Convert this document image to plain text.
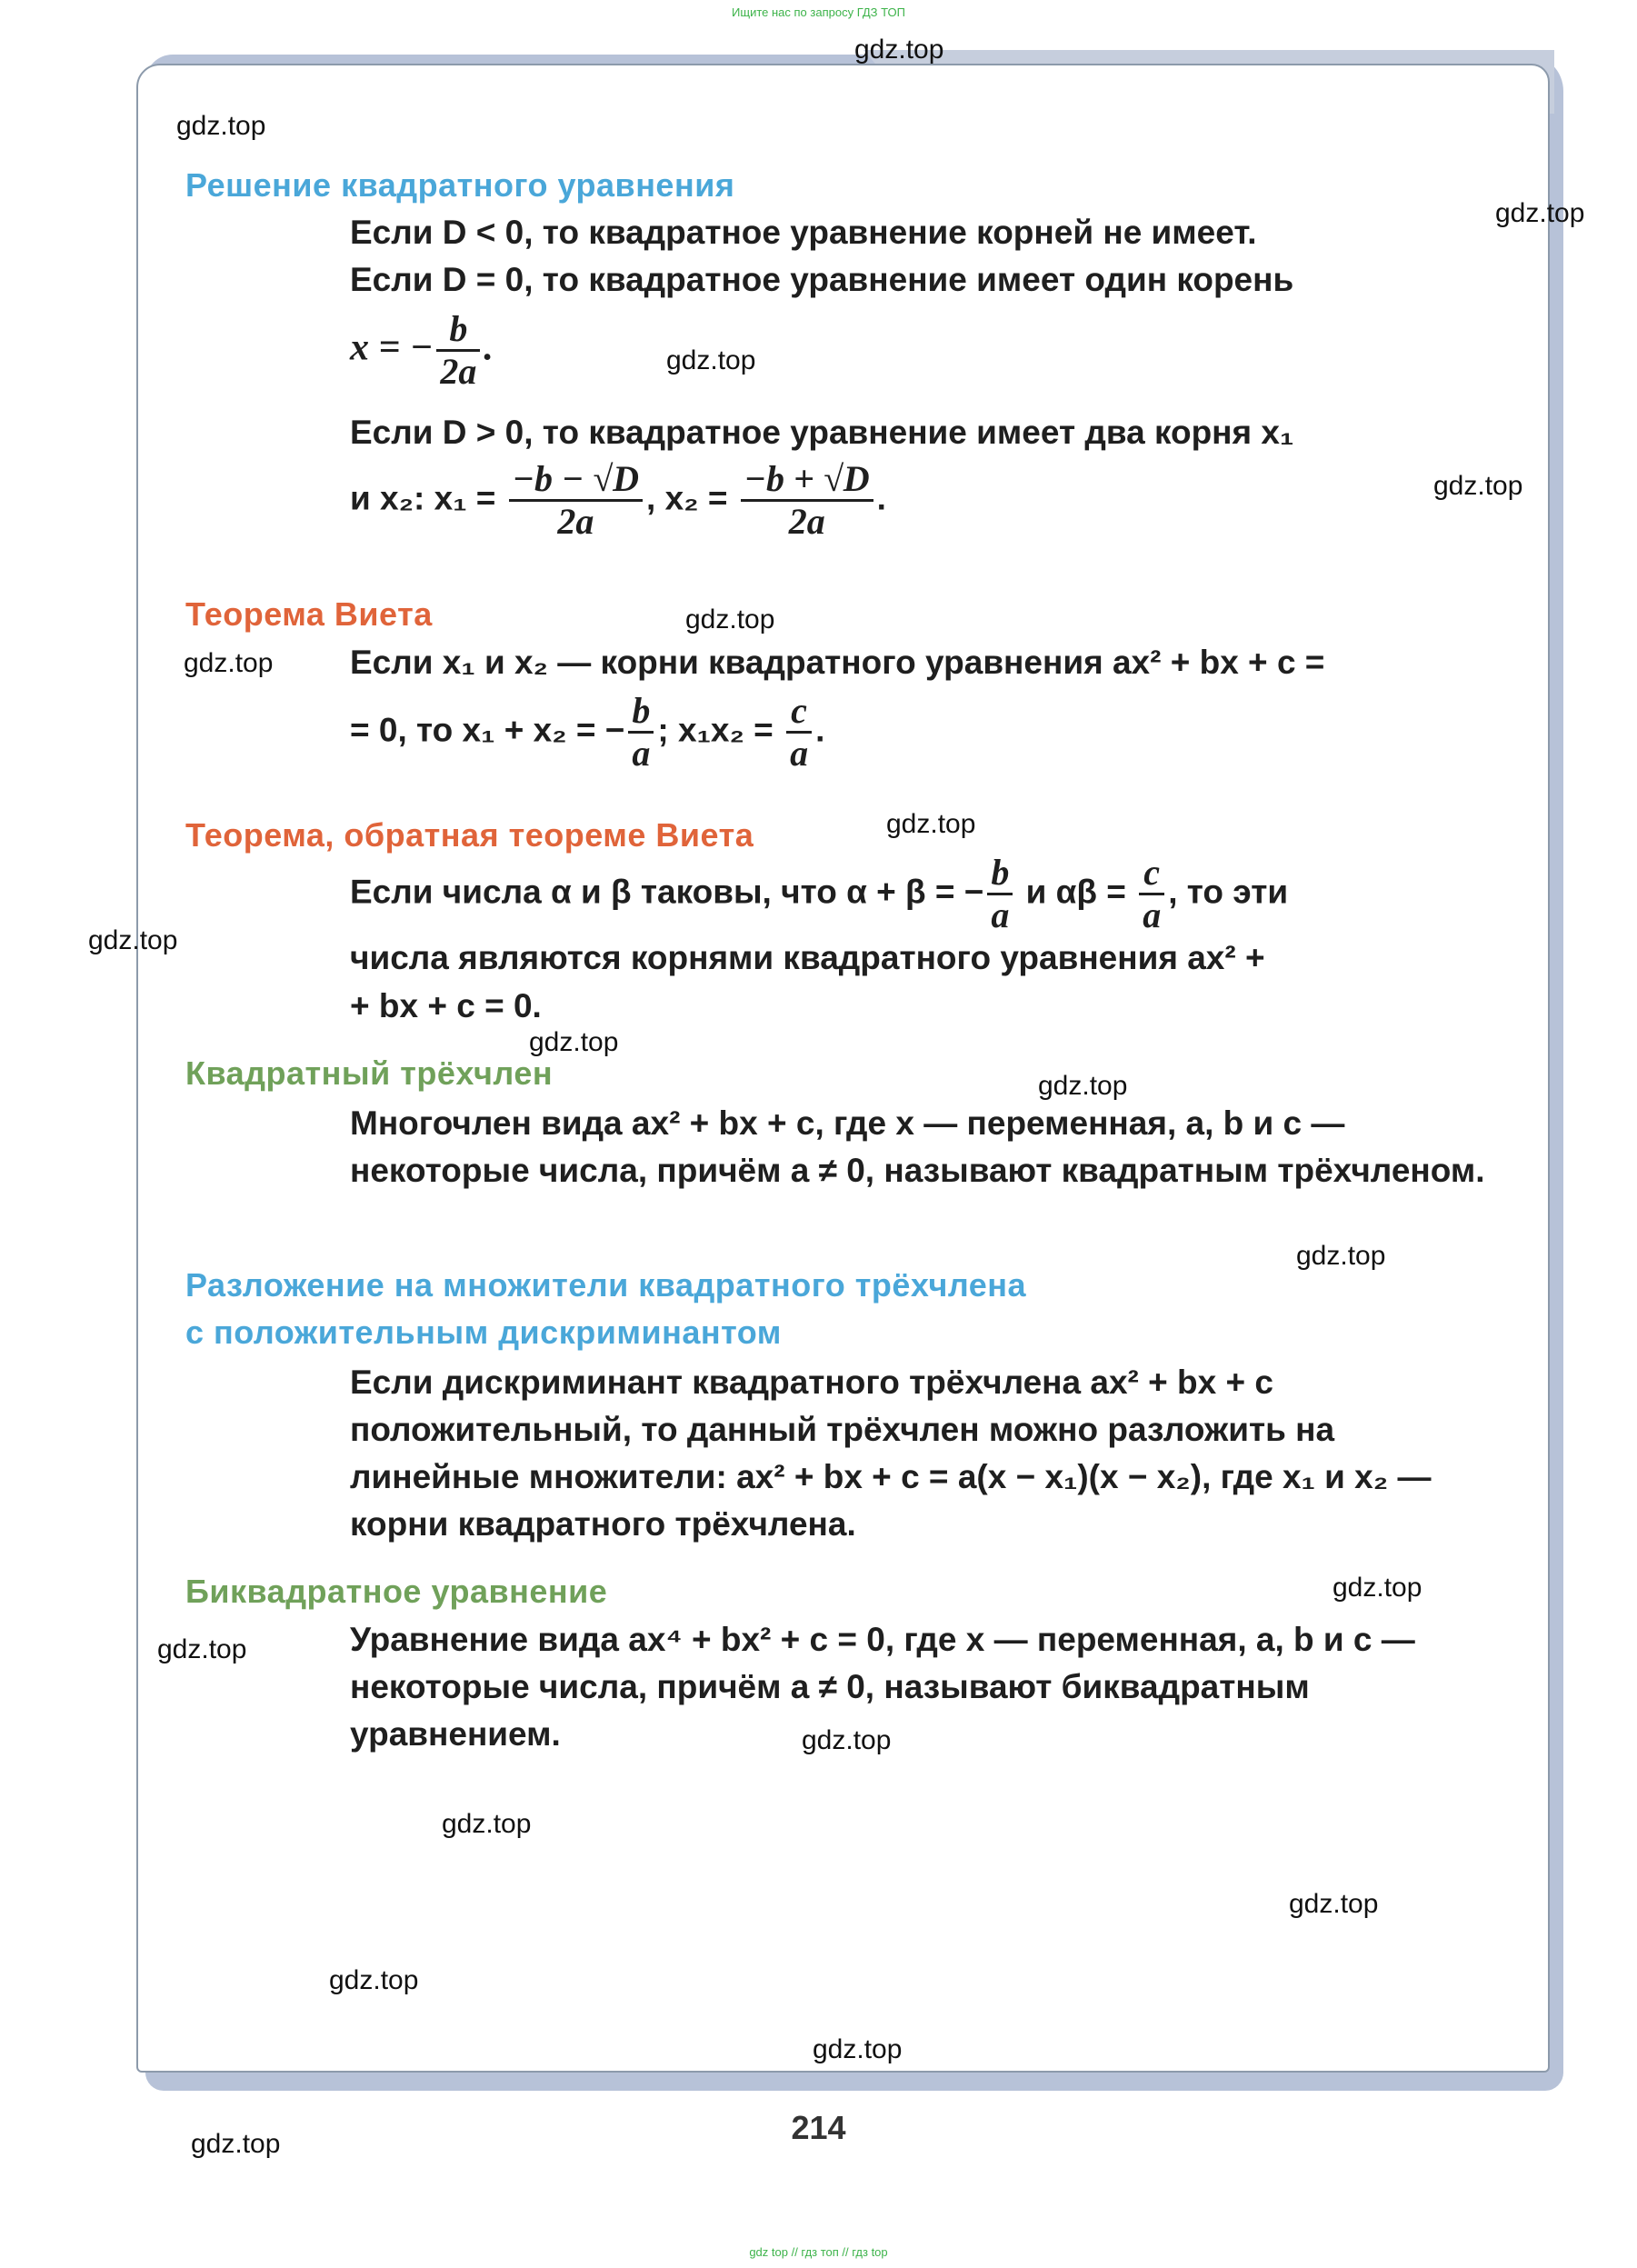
Ищите нас по запросу ГДЗ ТОП
Решение квадратного уравнения
Если D < 0, то квадратное уравнение корней не имеет.
Если D = 0, то квадратное уравнение имеет один корень
x = − $\frac{b}{2a}$ .
Если D > 0, то квадратное уравнение имеет два корня x₁
и x₂: $x_1 = \frac{-b - √D}{2a}$ , $x_2 = \frac{-b + √D}{2a}$ .
Теорема Виета
Если x₁ и x₂ — корни квадратного уравнения ax² + bx + c =
= 0, то x₁ + x₂ = − $\frac{b}{a}$ ; $x_1x_2 = \frac{c}{a}$ .
Теорема, обратная теореме Виета
Если числа α и β таковы, что α + β = − $\frac{b}{a}$ и $\alpha\beta = \frac{c}{a}$ , то эти
числа являются корнями квадратного уравнения ax² +
+ bx + c = 0.
Квадратный трёхчлен
Многочлен вида ax² + bx + c, где x — переменная, a, b и c — некоторые числа, причём a ≠ 0, называют квадратным трёхчленом.
Разложение на множители квадратного трёхчлена
с положительным дискриминантом
Если дискриминант квадратного трёхчлена ax² + bx + c положительный, то данный трёхчлен можно разложить на линейные множители: ax² + bx + c = a(x − x₁)(x − x₂), где x₁ и x₂ — корни квадратного трёхчлена.
Биквадратное уравнение
Уравнение вида ax⁴ + bx² + c = 0, где x — переменная, a, b и c — некоторые числа, причём a ≠ 0, называют биквадратным уравнением.
214
gdz.top
gdz.top
gdz.top
gdz.top
gdz.top
gdz.top
gdz.top
gdz.top
gdz.top
gdz.top
gdz.top
gdz.top
gdz.top
gdz.top
gdz.top
gdz.top
gdz.top
gdz.top
gdz.top
gdz.top
gdz top // гдз топ // гдз top
